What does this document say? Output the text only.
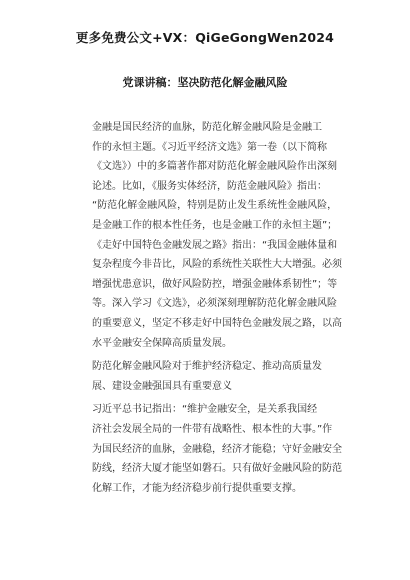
更多免费公文+VX：QiGeGongWen2024
党课讲稿：坚决防范化解金融风险

金融是国民经济的血脉，防范化解金融风险是金融工
作的永恒主题。《习近平经济文选》第一卷（以下简称
《文选》）中的多篇著作都对防范化解金融风险作出深刻
论述。比如，《服务实体经济，防范金融风险》指出：
“防范化解金融风险，特别是防止发生系统性金融风险，
是金融工作的根本性任务，也是金融工作的永恒主题”；
《走好中国特色金融发展之路》指出：“我国金融体量和
复杂程度今非昔比，风险的系统性关联性大大增强。必须
增强忧患意识，做好风险防控，增强金融体系韧性”；等
等。深入学习《文选》，必须深刻理解防范化解金融风险
的重要意义，坚定不移走好中国特色金融发展之路，以高
水平金融安全保障高质量发展。

防范化解金融风险对于维护经济稳定、推动高质量发
展、建设金融强国具有重要意义

习近平总书记指出：“维护金融安全，是关系我国经
济社会发展全局的一件带有战略性、根本性的大事。”作
为国民经济的血脉，金融稳，经济才能稳；守好金融安全
防线，经济大厦才能坚如磐石。只有做好金融风险的防范
化解工作，才能为经济稳步前行提供重要支撑。
